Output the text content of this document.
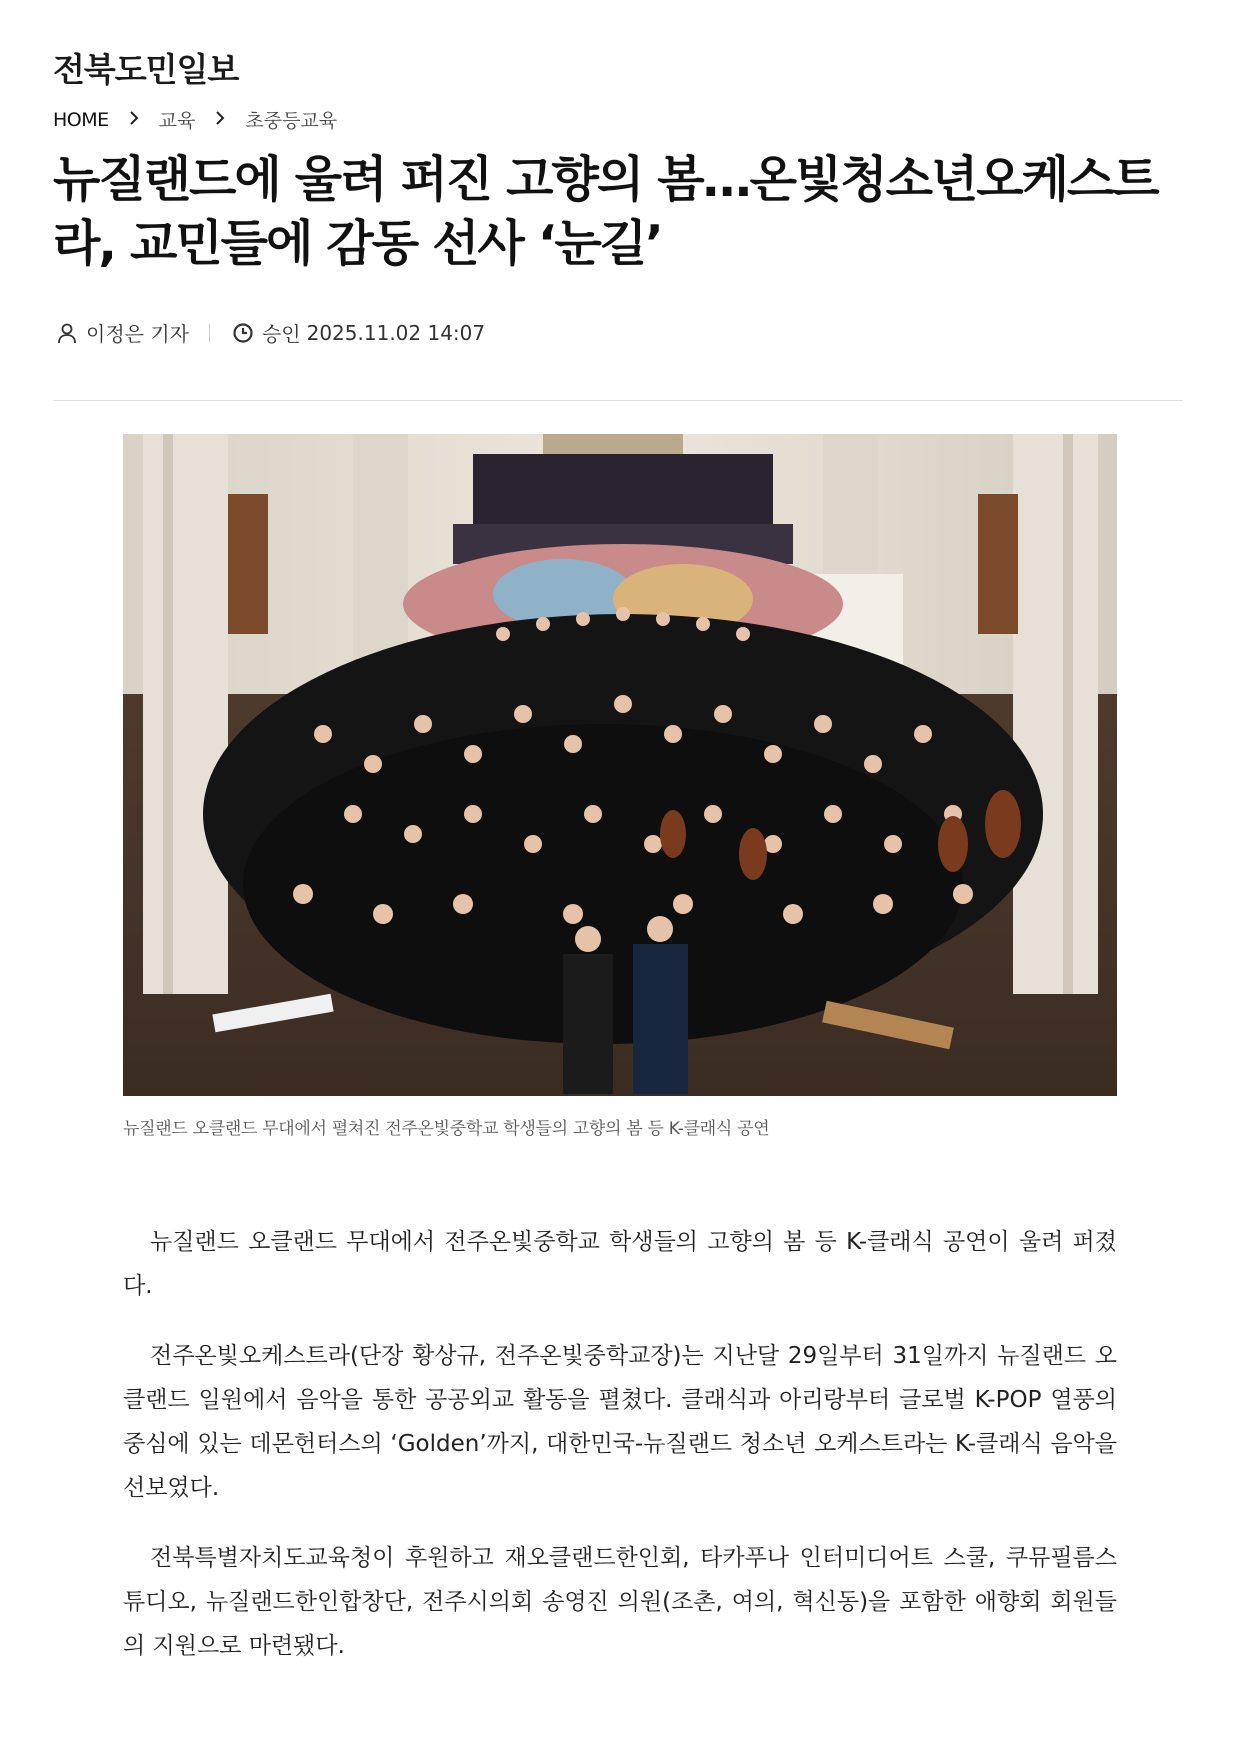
전북도민일보
HOME	교육	초중등교육
뉴질랜드에 울려 퍼진 고향의 봄…온빛청소년오케스트라, 교민들에 감동 선사 ‘눈길’
이정은 기자	승인 2025.11.02 14:07
뉴질랜드 오클랜드 무대에서 펼쳐진 전주온빛중학교 학생들의 고향의 봄 등 K-클래식 공연

뉴질랜드 오클랜드 무대에서 전주온빛중학교 학생들의 고향의 봄 등 K-클래식 공연이 울려 퍼졌다.

전주온빛오케스트라(단장 황상규, 전주온빛중학교장)는 지난달 29일부터 31일까지 뉴질랜드 오클랜드 일원에서 음악을 통한 공공외교 활동을 펼쳤다. 클래식과 아리랑부터 글로벌 K-POP 열풍의 중심에 있는 데몬헌터스의 ‘Golden’까지, 대한민국-뉴질랜드 청소년 오케스트라는 K-클래식 음악을 선보였다.

전북특별자치도교육청이 후원하고 재오클랜드한인회, 타카푸나 인터미디어트 스쿨, 쿠뮤필름스튜디오, 뉴질랜드한인합창단, 전주시의회 송영진 의원(조촌, 여의, 혁신동)을 포함한 애향회 회원들의 지원으로 마련됐다.
